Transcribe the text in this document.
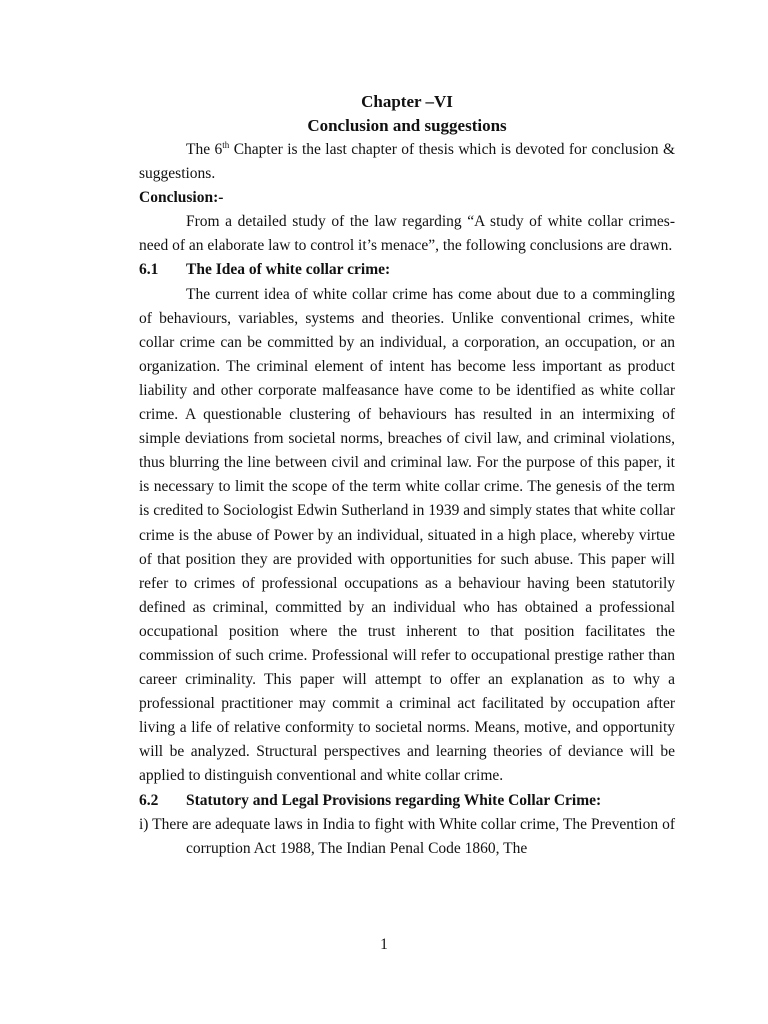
Chapter –VI

Conclusion and suggestions

The 6th Chapter is the last chapter of thesis which is devoted for conclusion & suggestions.

Conclusion:-

From a detailed study of the law regarding “A study of white collar crimes- need of an elaborate law to control it’s menace”, the following conclusions are drawn.

6.1 The Idea of white collar crime:

The current idea of white collar crime has come about due to a commingling of behaviours, variables, systems and theories. Unlike conventional crimes, white collar crime can be committed by an individual, a corporation, an occupation, or an organization. The criminal element of intent has become less important as product liability and other corporate malfeasance have come to be identified as white collar crime. A questionable clustering of behaviours has resulted in an intermixing of simple deviations from societal norms, breaches of civil law, and criminal violations, thus blurring the line between civil and criminal law. For the purpose of this paper, it is necessary to limit the scope of the term white collar crime. The genesis of the term is credited to Sociologist Edwin Sutherland in 1939 and simply states that white collar crime is the abuse of Power by an individual, situated in a high place, whereby virtue of that position they are provided with opportunities for such abuse. This paper will refer to crimes of professional occupations as a behaviour having been statutorily defined as criminal, committed by an individual who has obtained a professional occupational position where the trust inherent to that position facilitates the commission of such crime. Professional will refer to occupational prestige rather than career criminality. This paper will attempt to offer an explanation as to why a professional practitioner may commit a criminal act facilitated by occupation after living a life of relative conformity to societal norms. Means, motive, and opportunity will be analyzed. Structural perspectives and learning theories of deviance will be applied to distinguish conventional and white collar crime.

6.2 Statutory and Legal Provisions regarding White Collar Crime:

i) There are adequate laws in India to fight with White collar crime, The Prevention of corruption Act 1988, The Indian Penal Code 1860, The

1
